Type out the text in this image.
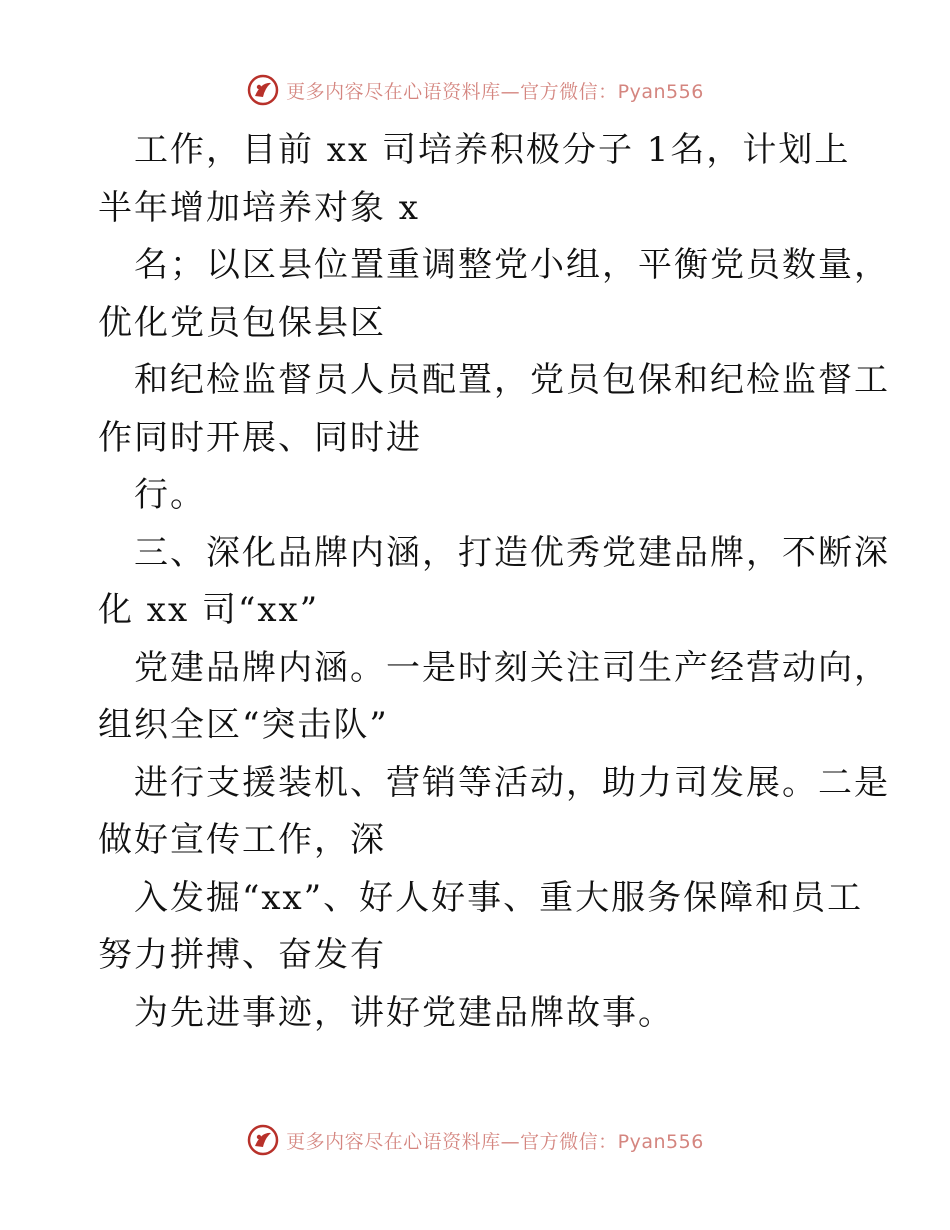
更多内容尽在心语资料库—官方微信：Pyan556
工作，目前 xx 司培养积极分子 1名，计划上
半年增加培养对象 x
名；以区县位置重调整党小组，平衡党员数量，
优化党员包保县区
和纪检监督员人员配置，党员包保和纪检监督工
作同时开展、同时进
行。
三、深化品牌内涵，打造优秀党建品牌，不断深
化 xx 司“xx”
党建品牌内涵。一是时刻关注司生产经营动向，
组织全区“突击队”
进行支援装机、营销等活动，助力司发展。二是
做好宣传工作，深
入发掘“xx”、好人好事、重大服务保障和员工
努力拼搏、奋发有
为先进事迹，讲好党建品牌故事。
更多内容尽在心语资料库—官方微信：Pyan556
